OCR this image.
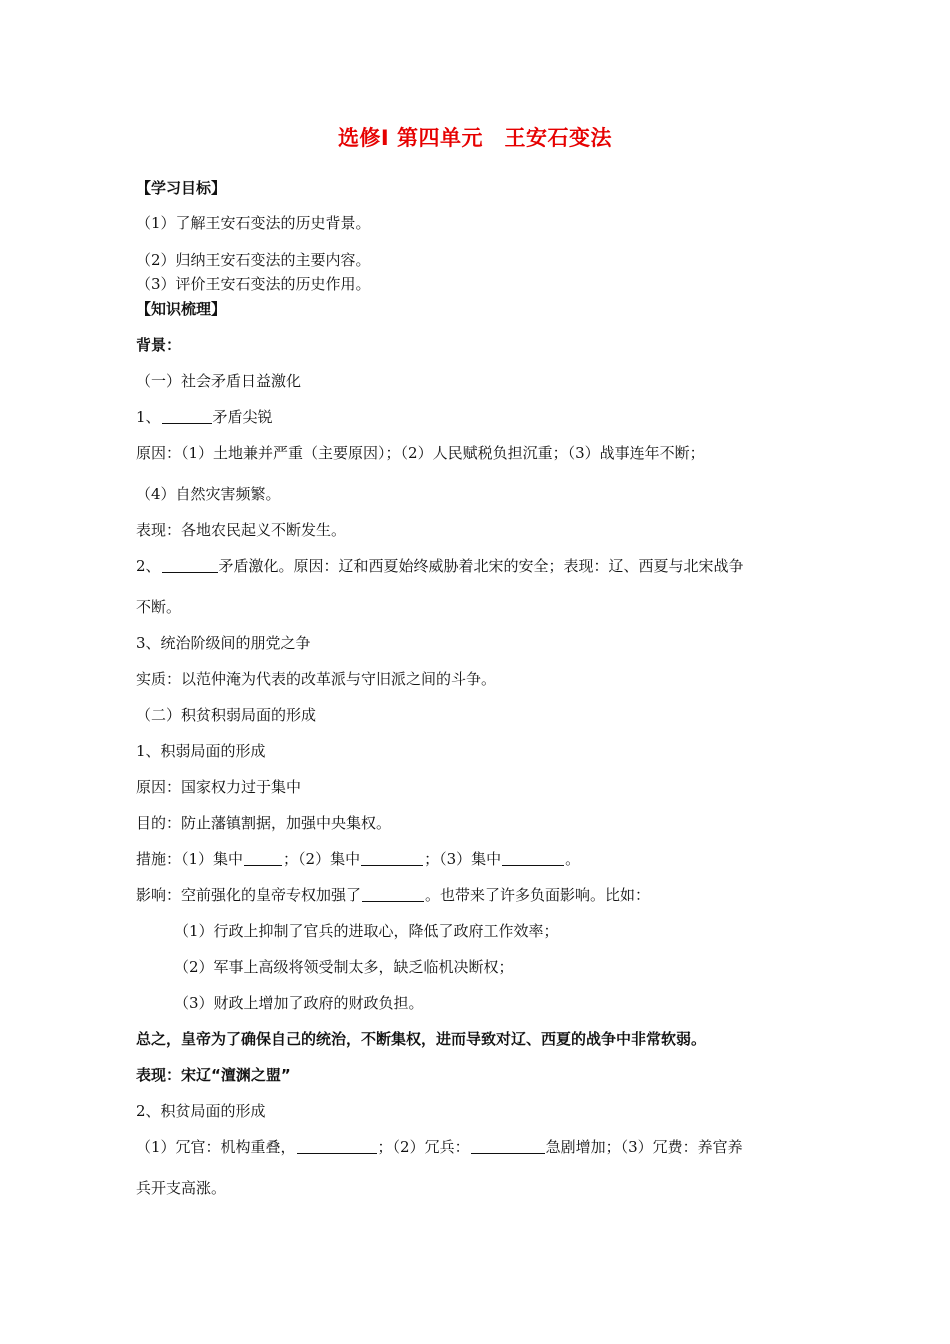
选修Ⅰ 第四单元　王安石变法
【学习目标】
（1）了解王安石变法的历史背景。
（2）归纳王安石变法的主要内容。
（3）评价王安石变法的历史作用。
【知识梳理】
背景：
（一）社会矛盾日益激化
1、	矛盾尖锐
原因：（1）土地兼并严重（主要原因）；（2）人民赋税负担沉重；（3）战事连年不断；
（4）自然灾害频繁。
表现：各地农民起义不断发生。
2、	矛盾激化。原因：辽和西夏始终威胁着北宋的安全；表现：辽、西夏与北宋战争
不断。
3、统治阶级间的朋党之争
实质：以范仲淹为代表的改革派与守旧派之间的斗争。
（二）积贫积弱局面的形成
1、积弱局面的形成
原因：国家权力过于集中
目的：防止藩镇割据，加强中央集权。
措施：（1）集中	；（2）集中	；（3）集中	。
影响：空前强化的皇帝专权加强了	。也带来了许多负面影响。比如：
（1）行政上抑制了官兵的进取心，降低了政府工作效率；
（2）军事上高级将领受制太多，缺乏临机决断权；
（3）财政上增加了政府的财政负担。
总之，皇帝为了确保自己的统治，不断集权，进而导致对辽、西夏的战争中非常软弱。
表现：宋辽“澶渊之盟”
2、积贫局面的形成
（1）冗官：机构重叠，	；（2）冗兵：	急剧增加；（3）冗费：养官养
兵开支高涨。
